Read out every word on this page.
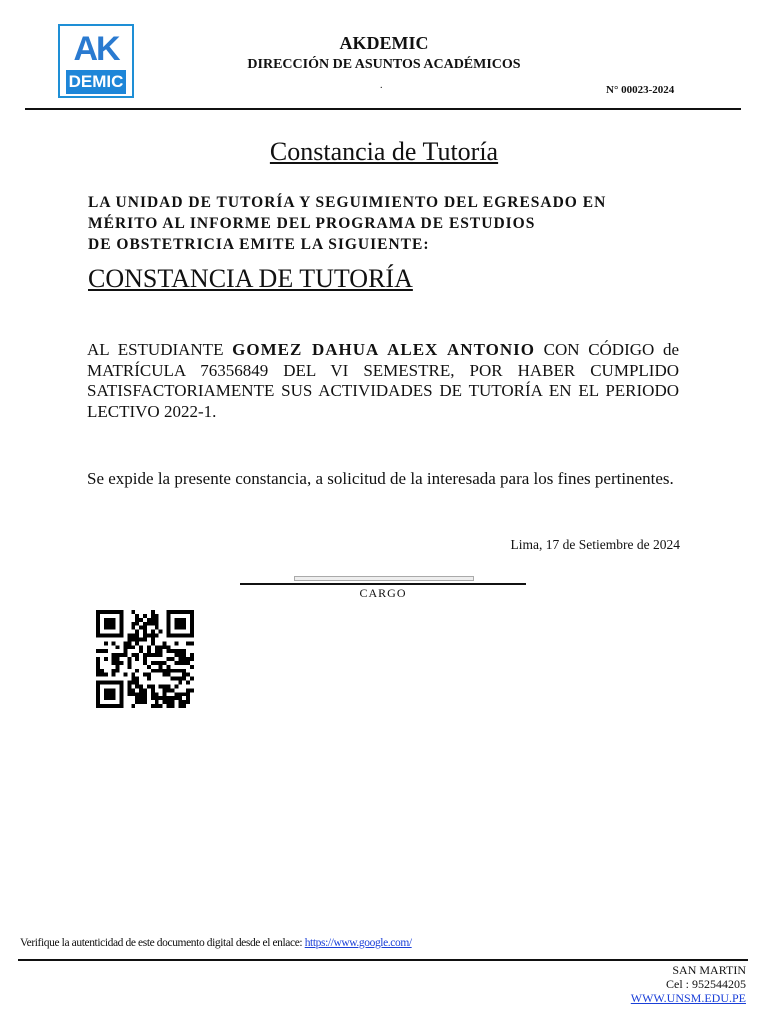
AK
DEMIC
AKDEMIC
DIRECCIÓN DE ASUNTOS ACADÉMICOS
.	N° 00023-2024
Constancia de Tutoría
LA UNIDAD DE TUTORÍA Y SEGUIMIENTO DEL EGRESADO EN
MÉRITO AL INFORME DEL PROGRAMA DE ESTUDIOS
DE OBSTETRICIA EMITE LA SIGUIENTE:
CONSTANCIA DE TUTORÍA
AL ESTUDIANTE GOMEZ DAHUA ALEX ANTONIO CON CÓDIGO de MATRÍCULA 76356849 DEL VI SEMESTRE, POR HABER CUMPLIDO SATISFACTORIAMENTE SUS ACTIVIDADES DE TUTORÍA EN EL PERIODO LECTIVO 2022-1.
Se expide la presente constancia, a solicitud de la interesada para los fines pertinentes.
Lima, 17 de Setiembre de 2024
CARGO
Verifique la autenticidad de este documento digital desde el enlace: https://www.google.com/
SAN MARTIN
Cel : 952544205
WWW.UNSM.EDU.PE
